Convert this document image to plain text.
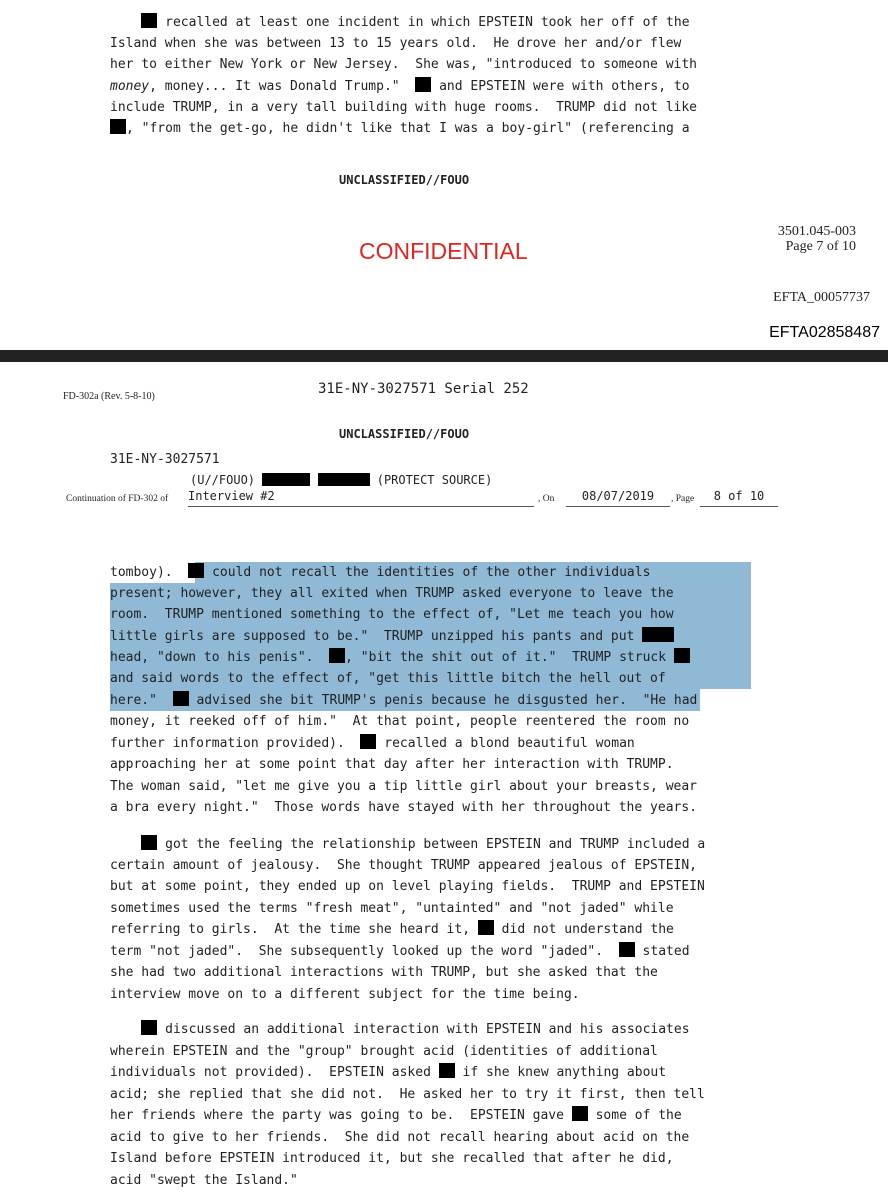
recalled at least one incident in which EPSTEIN took her off of the
Island when she was between 13 to 15 years old.  He drove her and/or flew
her to either New York or New Jersey.  She was, "introduced to someone with
money, money... It was Donald Trump."   and EPSTEIN were with others, to
include TRUMP, in a very tall building with huge rooms.  TRUMP did not like
, "from the get-go, he didn't like that I was a boy-girl" (referencing a
UNCLASSIFIED//FOUO
3501.045-003
Page 7 of 10
CONFIDENTIAL
EFTA_00057737
EFTA02858487
FD-302a (Rev. 5-8-10)	31E-NY-3027571 Serial 252
UNCLASSIFIED//FOUO
31E-NY-3027571
(U//FOUO)	(PROTECT SOURCE)
Continuation of FD-302 of Interview #2	, On	08/07/2019	, Page	8 of 10
tomboy).   could not recall the identities of the other individuals
present; however, they all exited when TRUMP asked everyone to leave the
room.  TRUMP mentioned something to the effect of, "Let me teach you how
little girls are supposed to be."  TRUMP unzipped his pants and put
head, "down to his penis".  , "bit the shit out of it."  TRUMP struck
and said words to the effect of, "get this little bitch the hell out of
here."   advised she bit TRUMP's penis because he disgusted her.  "He had
money, it reeked off of him."  At that point, people reentered the room no
further information provided).   recalled a blond beautiful woman
approaching her at some point that day after her interaction with TRUMP.
The woman said, "let me give you a tip little girl about your breasts, wear
a bra every night."  Those words have stayed with her throughout the years.
got the feeling the relationship between EPSTEIN and TRUMP included a
certain amount of jealousy.  She thought TRUMP appeared jealous of EPSTEIN,
but at some point, they ended up on level playing fields.  TRUMP and EPSTEIN
sometimes used the terms "fresh meat", "untainted" and "not jaded" while
referring to girls.  At the time she heard it,  did not understand the
term "not jaded".  She subsequently looked up the word "jaded".   stated
she had two additional interactions with TRUMP, but she asked that the
interview move on to a different subject for the time being.
discussed an additional interaction with EPSTEIN and his associates
wherein EPSTEIN and the "group" brought acid (identities of additional
individuals not provided).  EPSTEIN asked  if she knew anything about
acid; she replied that she did not.  He asked her to try it first, then tell
her friends where the party was going to be.  EPSTEIN gave  some of the
acid to give to her friends.  She did not recall hearing about acid on the
Island before EPSTEIN introduced it, but she recalled that after he did,
acid "swept the Island."
